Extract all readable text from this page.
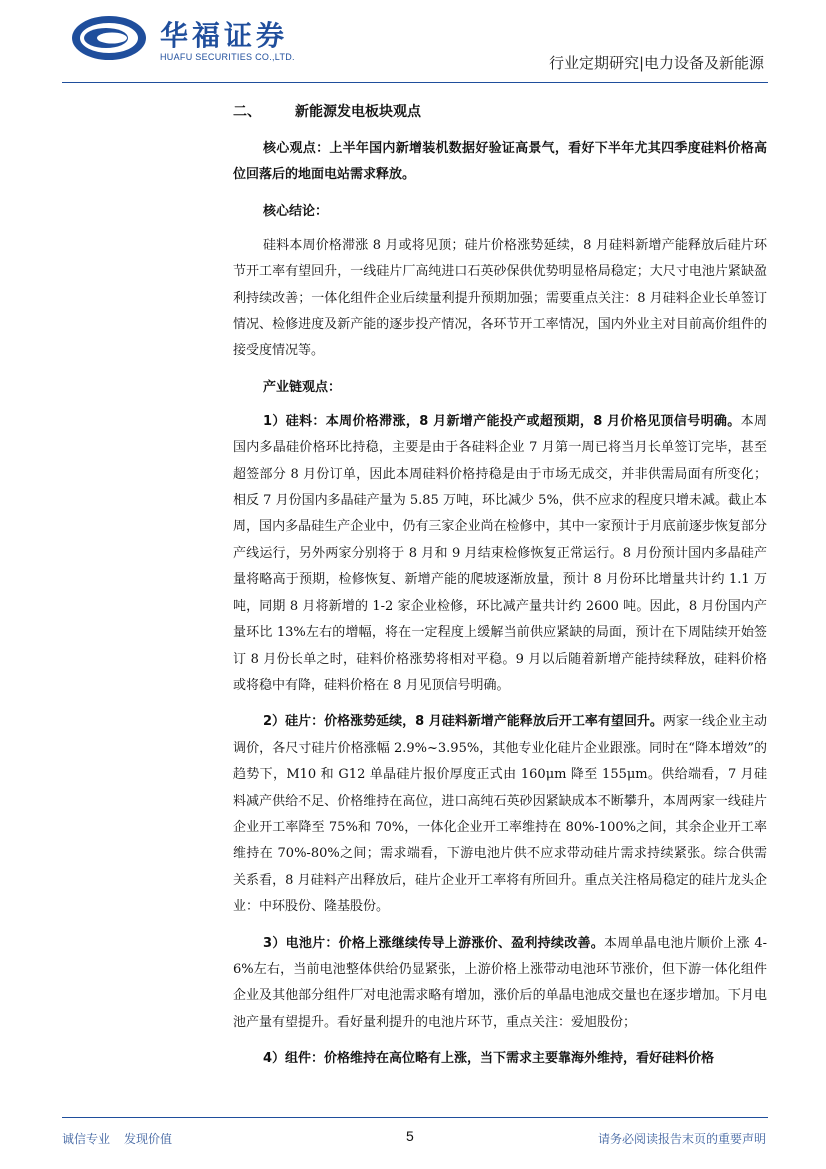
华福证券
HUAFU SECURITIES CO.,LTD.	行业定期研究|电力设备及新能源
二、 新能源发电板块观点

核心观点：上半年国内新增装机数据好验证高景气，看好下半年尤其四季度硅料价格高位回落后的地面电站需求释放。

核心结论：

硅料本周价格滞涨 8 月或将见顶；硅片价格涨势延续，8 月硅料新增产能释放后硅片环节开工率有望回升，一线硅片厂高纯进口石英砂保供优势明显格局稳定；大尺寸电池片紧缺盈利持续改善；一体化组件企业后续量利提升预期加强；需要重点关注：8 月硅料企业长单签订情况、检修进度及新产能的逐步投产情况，各环节开工率情况，国内外业主对目前高价组件的接受度情况等。

产业链观点：

1）硅料：本周价格滞涨，8 月新增产能投产或超预期，8 月价格见顶信号明确。本周国内多晶硅价格环比持稳，主要是由于各硅料企业 7 月第一周已将当月长单签订完毕，甚至超签部分 8 月份订单，因此本周硅料价格持稳是由于市场无成交，并非供需局面有所变化；相反 7 月份国内多晶硅产量为 5.85 万吨，环比减少 5%，供不应求的程度只增未减。截止本周，国内多晶硅生产企业中，仍有三家企业尚在检修中，其中一家预计于月底前逐步恢复部分产线运行，另外两家分别将于 8 月和 9 月结束检修恢复正常运行。8 月份预计国内多晶硅产量将略高于预期，检修恢复、新增产能的爬坡逐渐放量，预计 8 月份环比增量共计约 1.1 万吨，同期 8 月将新增的 1-2 家企业检修，环比减产量共计约 2600 吨。因此，8 月份国内产量环比 13%左右的增幅，将在一定程度上缓解当前供应紧缺的局面，预计在下周陆续开始签订 8 月份长单之时，硅料价格涨势将相对平稳。9 月以后随着新增产能持续释放，硅料价格或将稳中有降，硅料价格在 8 月见顶信号明确。

2）硅片：价格涨势延续，8 月硅料新增产能释放后开工率有望回升。两家一线企业主动调价，各尺寸硅片价格涨幅 2.9%~3.95%，其他专业化硅片企业跟涨。同时在“降本增效”的趋势下，M10 和 G12 单晶硅片报价厚度正式由 160μm 降至 155μm。供给端看，7 月硅料减产供给不足、价格维持在高位，进口高纯石英砂因紧缺成本不断攀升，本周两家一线硅片企业开工率降至 75%和 70%，一体化企业开工率维持在 80%-100%之间，其余企业开工率维持在 70%-80%之间；需求端看，下游电池片供不应求带动硅片需求持续紧张。综合供需关系看，8 月硅料产出释放后，硅片企业开工率将有所回升。重点关注格局稳定的硅片龙头企业：中环股份、隆基股份。

3）电池片：价格上涨继续传导上游涨价、盈利持续改善。本周单晶电池片顺价上涨 4-6%左右，当前电池整体供给仍显紧张，上游价格上涨带动电池环节涨价，但下游一体化组件企业及其他部分组件厂对电池需求略有增加，涨价后的单晶电池成交量也在逐步增加。下月电池产量有望提升。看好量利提升的电池片环节，重点关注：爱旭股份；

4）组件：价格维持在高位略有上涨，当下需求主要靠海外维持，看好硅料价格

诚信专业 发现价值	5	请务必阅读报告末页的重要声明
